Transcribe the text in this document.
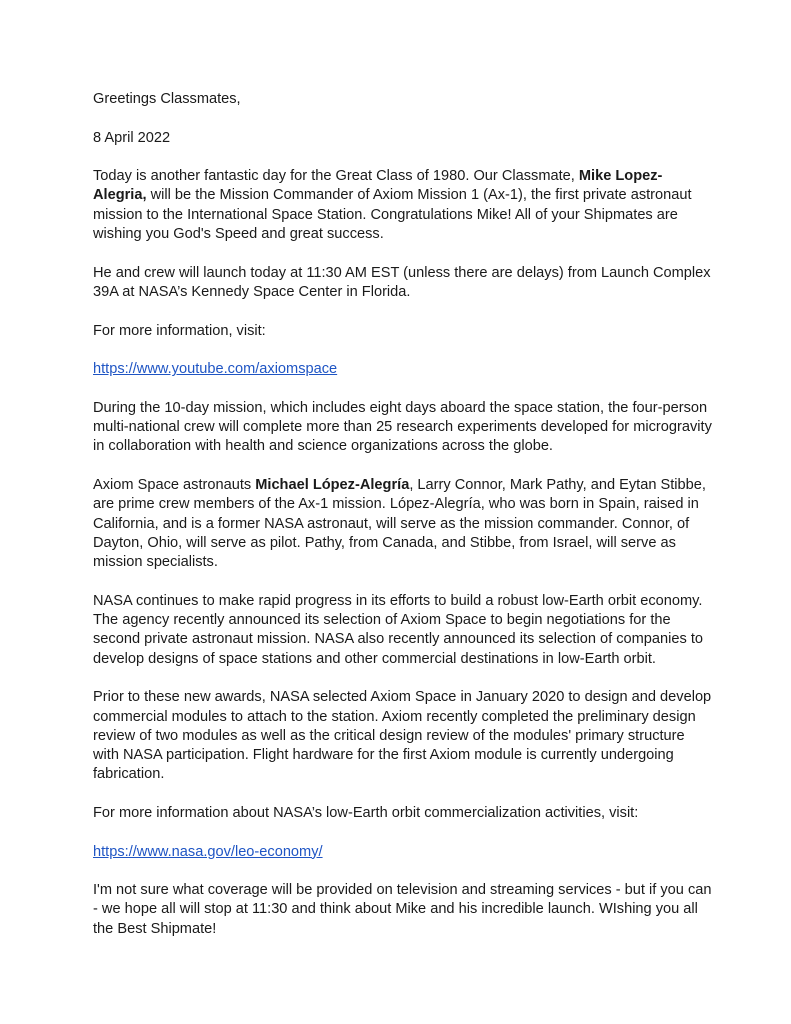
Greetings Classmates,

8 April 2022

Today is another fantastic day for the Great Class of 1980. Our Classmate, Mike Lopez-Alegria, will be the Mission Commander of Axiom Mission 1 (Ax-1), the first private astronaut mission to the International Space Station. Congratulations Mike! All of your Shipmates are wishing you God's Speed and great success.

He and crew will launch today at 11:30 AM EST (unless there are delays) from Launch Complex 39A at NASA’s Kennedy Space Center in Florida.

For more information, visit:

https://www.youtube.com/axiomspace

During the 10-day mission, which includes eight days aboard the space station, the four-person multi-national crew will complete more than 25 research experiments developed for microgravity in collaboration with health and science organizations across the globe.

Axiom Space astronauts Michael López-Alegría, Larry Connor, Mark Pathy, and Eytan Stibbe, are prime crew members of the Ax-1 mission. López-Alegría, who was born in Spain, raised in California, and is a former NASA astronaut, will serve as the mission commander. Connor, of Dayton, Ohio, will serve as pilot. Pathy, from Canada, and Stibbe, from Israel, will serve as mission specialists.

NASA continues to make rapid progress in its efforts to build a robust low-Earth orbit economy. The agency recently announced its selection of Axiom Space to begin negotiations for the second private astronaut mission. NASA also recently announced its selection of companies to develop designs of space stations and other commercial destinations in low-Earth orbit.

Prior to these new awards, NASA selected Axiom Space in January 2020 to design and develop commercial modules to attach to the station. Axiom recently completed the preliminary design review of two modules as well as the critical design review of the modules' primary structure with NASA participation. Flight hardware for the first Axiom module is currently undergoing fabrication.

For more information about NASA’s low-Earth orbit commercialization activities, visit:

https://www.nasa.gov/leo-economy/

I'm not sure what coverage will be provided on television and streaming services - but if you can - we hope all will stop at 11:30 and think about Mike and his incredible launch. WIshing you all the Best Shipmate!
